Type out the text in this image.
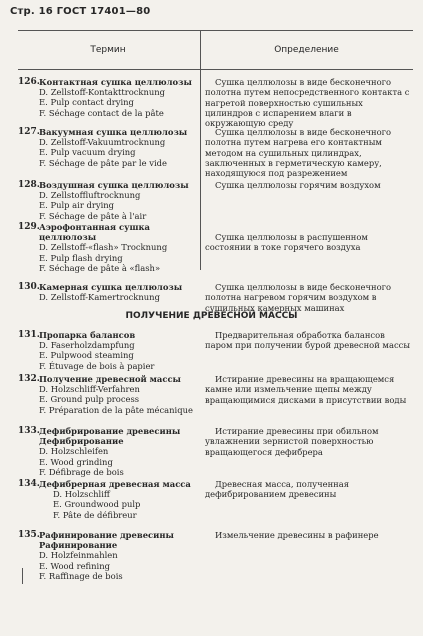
Стр. 16 ГОСТ 17401—80
Термин	Определение
126. Контактная сушка целлюлозы
D. Zellstoff-Kontakttrocknung
E. Pulp contact drying
F. Séchage contact de la pâte
Сушка целлюлозы в виде бесконечного полотна путем непосредственного контакта с нагретой поверхностью сушильных цилиндров с испарением влаги в окружающую среду
127. Вакуумная сушка целлюлозы
D. Zellstoff-Vakuumtrocknung
E. Pulp vacuum drying
F. Séchage de pâte par le vide
Сушка целлюлозы в виде бесконечного полотна путем нагрева его контактным методом на сушильных цилиндрах, заключенных в герметическую камеру, находящуюся под разрежением
128. Воздушная сушка целлюлозы
D. Zellstoffluftrocknung
E. Pulp air drying
F. Séchage de pâte à l'air
Сушка целлюлозы горячим воздухом
129. Аэрофонтанная сушка целлюлозы
D. Zellstoff-«flash» Trocknung
E. Pulp flash drying
F. Séchage de pâte à «flash»
Сушка целлюлозы в распушенном состоянии в токе горячего воздуха
130. Камерная сушка целлюлозы
D. Zellstoff-Kamertrocknung
Сушка целлюлозы в виде бесконечного полотна нагревом горячим воздухом в сушильных камерных машинах
ПОЛУЧЕНИЕ ДРЕВЕСНОЙ МАССЫ
131. Пропарка балансов
D. Faserholzdampfung
E. Pulpwood steaming
F. Étuvage de bois à papier
Предварительная обработка балансов паром при получении бурой древесной массы
132. Получение древесной массы
D. Holzschliff-Verfahren
E. Ground pulp process
F. Préparation de la pâte mécanique
Истирание древесины на вращающемся камне или измельчение щепы между вращающимися дисками в присутствии воды
133. Дефибрирование древесины
Дефибрирование
D. Holzschleifen
E. Wood grinding
F. Défibrage de bois
Истирание древесины при обильном увлажнении зернистой поверхностью вращающегося дефибрера
134. Дефибрерная древесная масса
D. Holzschliff
E. Groundwood pulp
F. Pâte de défibreur
Древесная масса, полученная дефибрированием древесины
135. Рафинирование древесины
Рафинирование
D. Holzfeinmahlen
E. Wood refining
F. Raffinage de bois
Измельчение древесины в рафинере
